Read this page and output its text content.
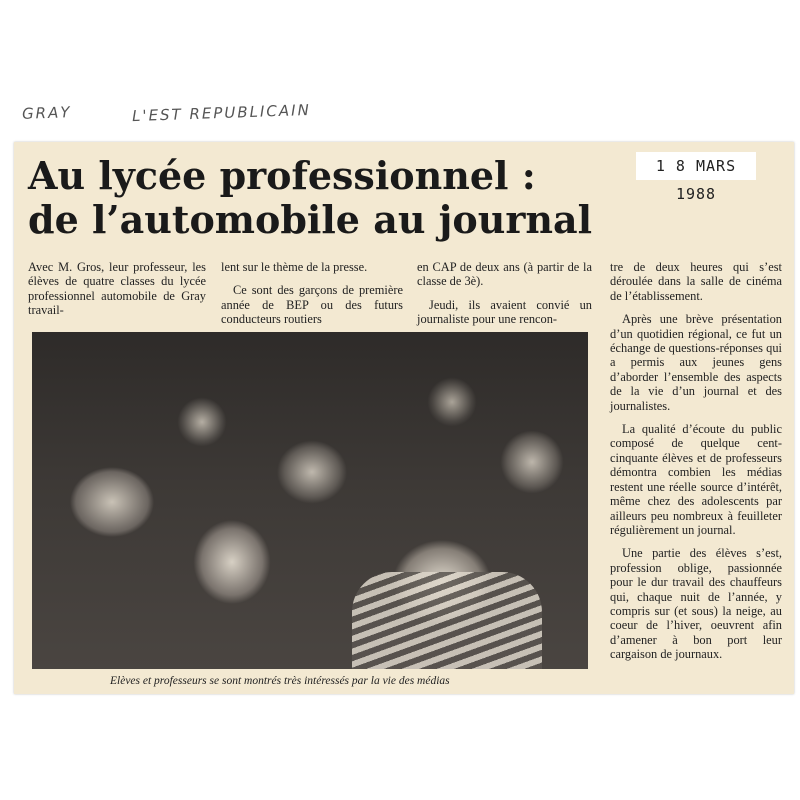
GRAY	L'EST REPUBLICAIN
1 8 MARS 1988
Au lycée professionnel :
de l’automobile au journal

Avec M. Gros, leur professeur, les élèves de quatre classes du lycée professionnel automobile de Gray travail-

lent sur le thème de la presse.

Ce sont des garçons de première année de BEP ou des futurs conducteurs routiers

en CAP de deux ans (à partir de la classe de 3è).

Jeudi, ils avaient convié un journaliste pour une rencon-

tre de deux heures qui s’est déroulée dans la salle de cinéma de l’établissement.

Après une brève présentation d’un quotidien régional, ce fut un échange de questions-réponses qui a permis aux jeunes gens d’aborder l’ensemble des aspects de la vie d’un journal et des journalistes.

La qualité d’écoute du public composé de quelque cent-cinquante élèves et de professeurs démontra combien les médias restent une réelle source d’intérêt, même chez des adolescents par ailleurs peu nombreux à feuilleter régulièrement un journal.

Une partie des élèves s’est, profession oblige, passionnée pour le dur travail des chauffeurs qui, chaque nuit de l’année, y compris sur (et sous) la neige, au coeur de l’hiver, oeuvrent afin d’amener à bon port leur cargaison de journaux.

Elèves et professeurs se sont montrés très intéressés par la vie des médias
